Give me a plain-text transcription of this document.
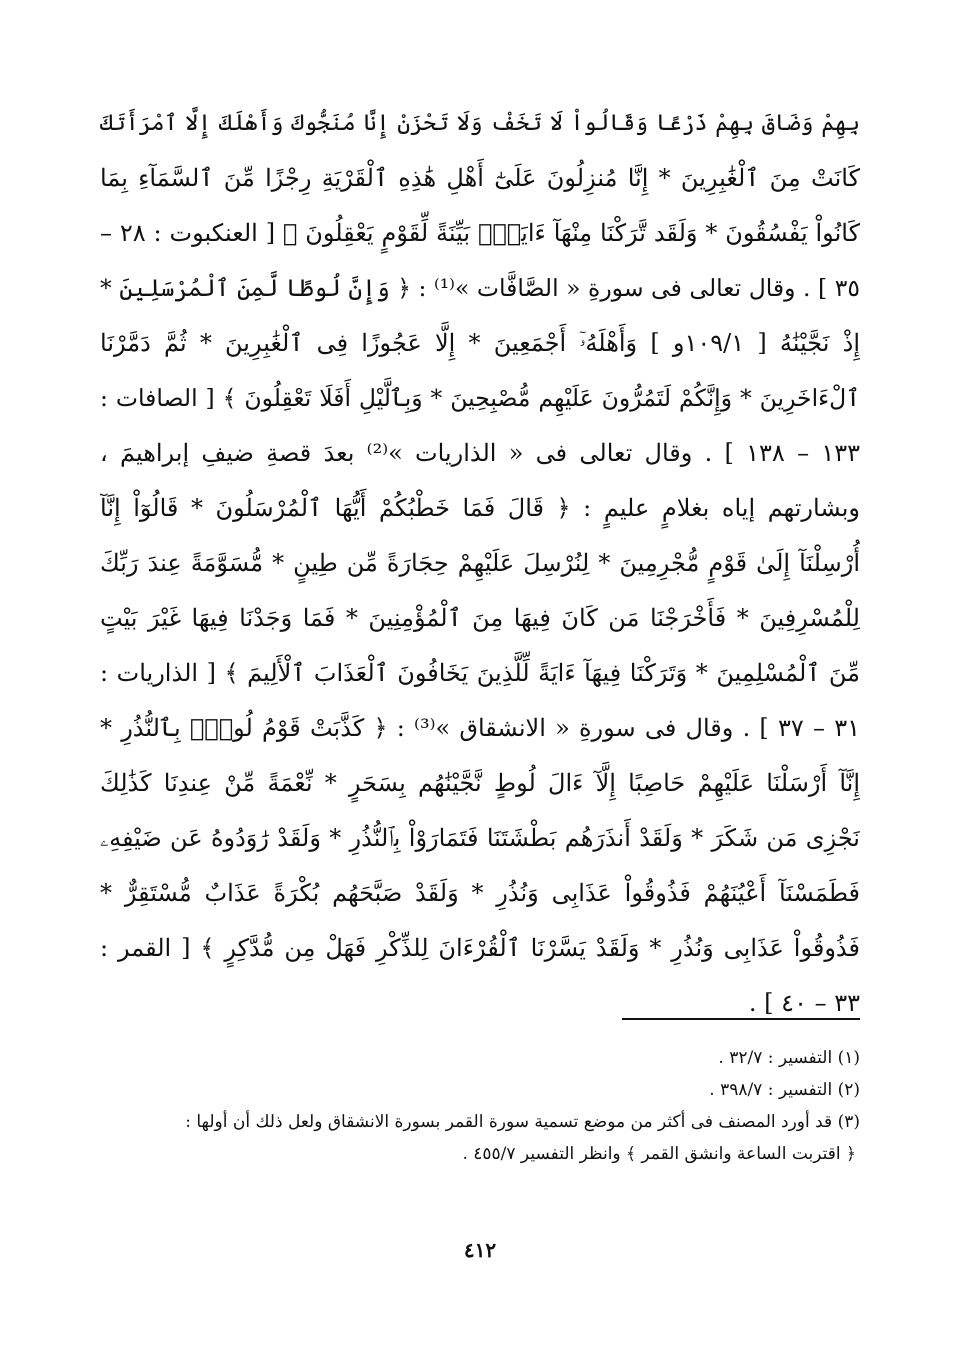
بِهِمْ وَضَاقَ بِهِمْ ذَرْعًا وَقَالُواْ لَا تَخَفْ وَلَا تَحْزَنْ إِنَّا مُنَجُّوكَ وَأَهْلَكَ إِلَّا ٱمْرَأَتَكَ
كَانَتْ مِنَ ٱلْغَٰبِرِينَ * إِنَّا مُنزِلُونَ عَلَىٰٓ أَهْلِ هَٰذِهِ ٱلْقَرْيَةِ رِجْزًا مِّنَ ٱلسَّمَآءِ بِمَا
كَانُواْ يَفْسُقُونَ * وَلَقَد تَّرَكْنَا مِنْهَآ ءَايَةًۢ بَيِّنَةً لِّقَوْمٍ يَعْقِلُونَ ﴾ [ العنكبوت : ٢٨ –
٣٥ ] . وقال تعالى فى سورةِ « الصَّافَّات »⁽¹⁾ : ﴿ وَإِنَّ لُوطًا لَّمِنَ ٱلْمُرْسَلِينَ *
إِذْ نَجَّيْنَٰهُ [ ١٠٩/١و ] وَأَهْلَهُۥٓ أَجْمَعِينَ * إِلَّا عَجُوزًا فِى ٱلْغَٰبِرِينَ * ثُمَّ دَمَّرْنَا
ٱلْءَاخَرِينَ * وَإِنَّكُمْ لَتَمُرُّونَ عَلَيْهِم مُّصْبِحِينَ * وَبِٱلَّيْلِ أَفَلَا تَعْقِلُونَ ﴾ [ الصافات :
١٣٣ – ١٣٨ ] . وقال تعالى فى « الذاريات »⁽²⁾ بعدَ قصةِ ضيفِ إبراهيمَ ،
وبشارتهم إياه بغلامٍ عليمٍ : ﴿ قَالَ فَمَا خَطْبُكُمْ أَيُّهَا ٱلْمُرْسَلُونَ * قَالُوٓاْ إِنَّآ
أُرْسِلْنَآ إِلَىٰ قَوْمٍ مُّجْرِمِينَ * لِنُرْسِلَ عَلَيْهِمْ حِجَارَةً مِّن طِينٍ * مُّسَوَّمَةً عِندَ رَبِّكَ
لِلْمُسْرِفِينَ * فَأَخْرَجْنَا مَن كَانَ فِيهَا مِنَ ٱلْمُؤْمِنِينَ * فَمَا وَجَدْنَا فِيهَا غَيْرَ بَيْتٍ
مِّنَ ٱلْمُسْلِمِينَ * وَتَرَكْنَا فِيهَآ ءَايَةً لِّلَّذِينَ يَخَافُونَ ٱلْعَذَابَ ٱلْأَلِيمَ ﴾ [ الذاريات :
٣١ – ٣٧ ] . وقال فى سورةِ « الانشقاق »⁽³⁾ : ﴿ كَذَّبَتْ قَوْمُ لُوطٍۭ بِٱلنُّذُرِ *
إِنَّآ أَرْسَلْنَا عَلَيْهِمْ حَاصِبًا إِلَّآ ءَالَ لُوطٍ نَّجَّيْنَٰهُم بِسَحَرٍ * نِّعْمَةً مِّنْ عِندِنَا كَذَٰلِكَ
نَجْزِى مَن شَكَرَ * وَلَقَدْ أَنذَرَهُم بَطْشَتَنَا فَتَمَارَوْاْ بِٱلنُّذُرِ * وَلَقَدْ رَٰوَدُوهُ عَن ضَيْفِهِۦ
فَطَمَسْنَآ أَعْيُنَهُمْ فَذُوقُواْ عَذَابِى وَنُذُرِ * وَلَقَدْ صَبَّحَهُم بُكْرَةً عَذَابٌ مُّسْتَقِرٌّ *
فَذُوقُواْ عَذَابِى وَنُذُرِ * وَلَقَدْ يَسَّرْنَا ٱلْقُرْءَانَ لِلذِّكْرِ فَهَلْ مِن مُّدَّكِرٍ ﴾ [ القمر :
٣٣ – ٤٠ ] .
(١) التفسير : ٣٢/٧ .
(٢) التفسير : ٣٩٨/٧ .
(٣) قد أورد المصنف فى أكثر من موضع تسمية سورة القمر بسورة الانشقاق ولعل ذلك أن أولها :
﴿ اقتربت الساعة وانشق القمر ﴾ وانظر التفسير ٤٥٥/٧ .
٤١٢
